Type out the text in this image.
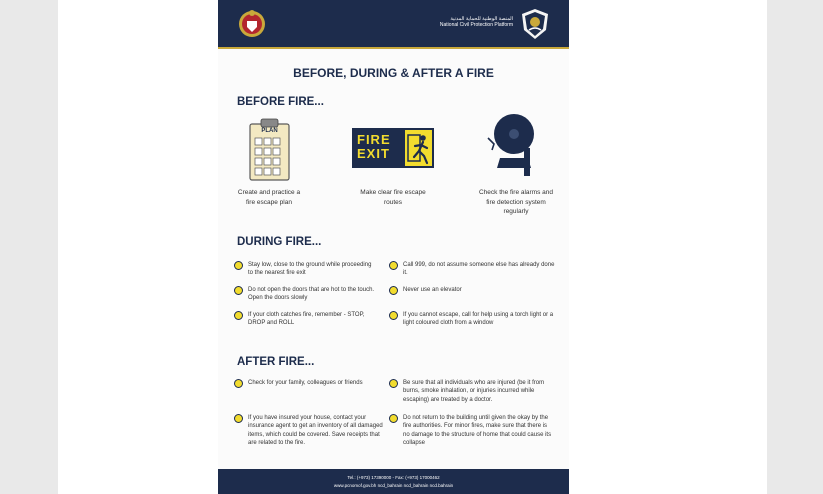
المنصة الوطنية للحماية المدنية
National Civil Protection Platform
BEFORE, DURING & AFTER A FIRE
BEFORE FIRE...
PLAN
FIRE
EXIT
Create and practice a fire escape plan
Make clear fire escape routes
Check the fire alarms and fire detection system regularly
DURING FIRE...
Stay low, close to the ground while proceeding to the nearest fire exit
Do not open the doors that are hot to the touch. Open the doors slowly
If your cloth catches fire, remember - STOP, DROP and ROLL
Call 999, do not assume someone else has already done it.
Never use an elevator
If you cannot escape, call for help using a torch light or a light coloured cloth from a window
AFTER FIRE...
Check for your family, colleagues or friends
If you have insured your house, contact your insurance agent to get an inventory of all damaged items, which could be covered. Save receipts that are related to the fire.
Be sure that all individuals who are injured (be it from burns, smoke inhalation, or injuries incurred while escaping) are treated by a doctor.
Do not return to the building until given the okay by the fire authorities. For minor fires, make sure that there is no damage to the structure of home that could cause its collapse
Tel.: (+973) 17390000 - Fax: (+973) 17000462
www.pcnomof.gov.bh ncd_bahrain ncd_bahrain ncd.bahrain
